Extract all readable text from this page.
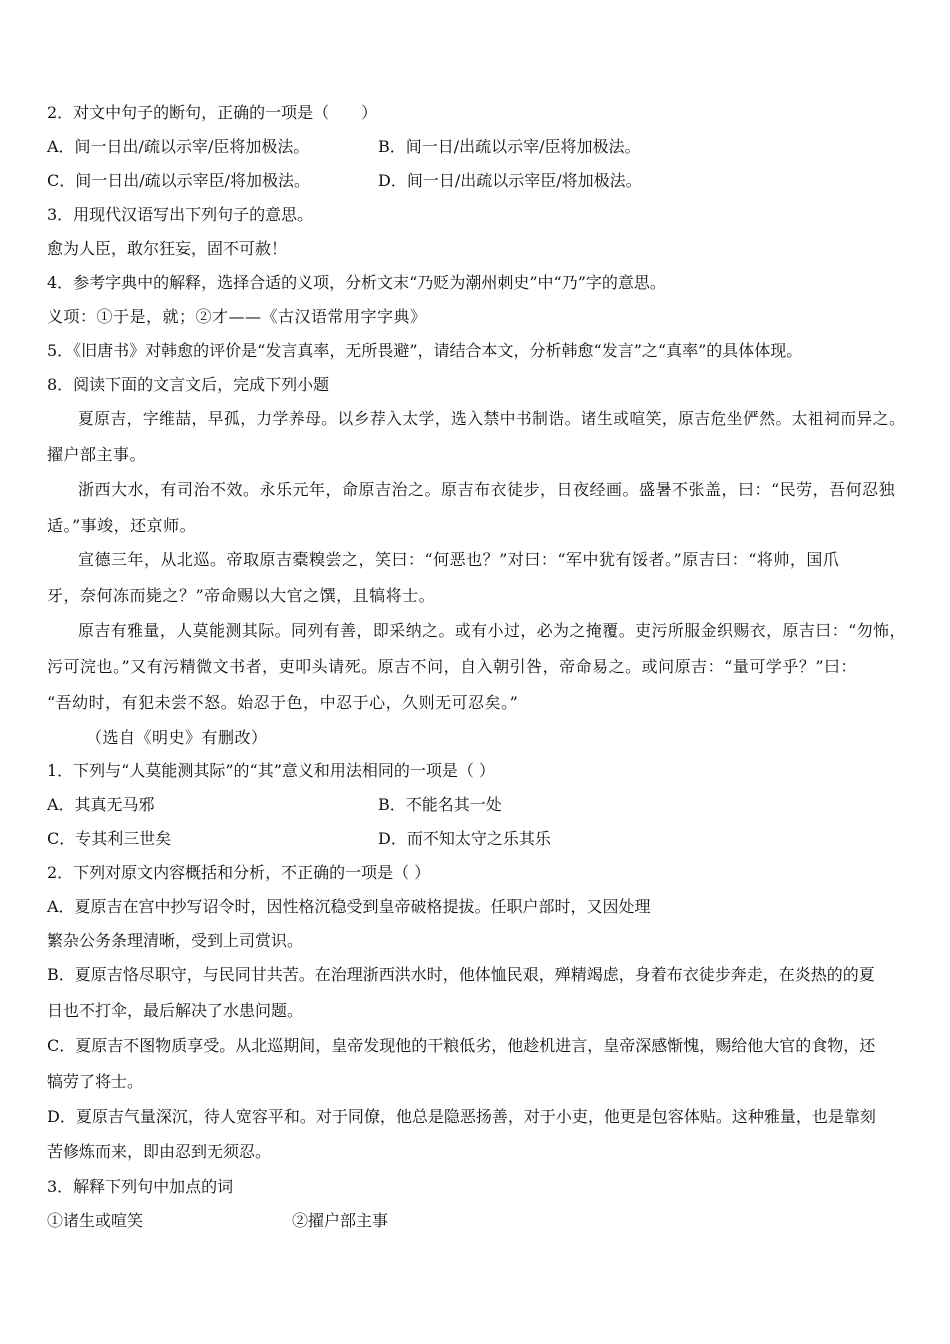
2．对文中句子的断句，正确的一项是（　　）
A．间一日出/疏以示宰/臣将加极法。	B．间一日/出疏以示宰/臣将加极法。
C．间一日出/疏以示宰臣/将加极法。	D．间一日/出疏以示宰臣/将加极法。
3．用现代汉语写出下列句子的意思。
愈为人臣，敢尔狂妄，固不可赦！
4．参考字典中的解释，选择合适的义项，分析文末“乃贬为潮州刺史”中“乃”字的意思。
义项：①于是，就；②才——《古汉语常用字字典》
5．《旧唐书》对韩愈的评价是“发言真率，无所畏避”，请结合本文，分析韩愈“发言”之“真率”的具体体现。
8．阅读下面的文言文后，完成下列小题
夏原吉，字维喆，早孤，力学养母。以乡荐入太学，选入禁中书制诰。诸生或喧笑，原吉危坐俨然。太祖祠而异之。
擢户部主事。
浙西大水，有司治不效。永乐元年，命原吉治之。原吉布衣徒步，日夜经画。盛暑不张盖，曰：“民劳，吾何忍独
适。”事竣，还京师。
宣德三年，从北巡。帝取原吉橐糗尝之，笑曰：“何恶也？”对曰：“军中犹有馁者。”原吉曰：“将帅，国爪
牙，奈何冻而毙之？”帝命赐以大官之馔，且犒将士。
原吉有雅量，人莫能测其际。同列有善，即采纳之。或有小过，必为之掩覆。吏污所服金织赐衣，原吉曰：“勿怖，
污可浣也。”又有污精微文书者，吏叩头请死。原吉不问，自入朝引咎，帝命易之。或问原吉：“量可学乎？”曰：
“吾幼时，有犯未尝不怒。始忍于色，中忍于心，久则无可忍矣。”
（选自《明史》有删改）
1．下列与“人莫能测其际”的“其”意义和用法相同的一项是（ ）
A．其真无马邪	B．不能名其一处
C．专其利三世矣	D．而不知太守之乐其乐
2．下列对原文内容概括和分析，不正确的一项是（ ）
A．夏原吉在宫中抄写诏令时，因性格沉稳受到皇帝破格提拔。任职户部时，又因处理
繁杂公务条理清晰，受到上司赏识。
B．夏原吉恪尽职守，与民同甘共苦。在治理浙西洪水时，他体恤民艰，殚精竭虑，身着布衣徒步奔走，在炎热的的夏
日也不打伞，最后解决了水患问题。
C．夏原吉不图物质享受。从北巡期间，皇帝发现他的干粮低劣，他趁机进言，皇帝深感惭愧，赐给他大官的食物，还
犒劳了将士。
D．夏原吉气量深沉，待人宽容平和。对于同僚，他总是隐恶扬善，对于小吏，他更是包容体贴。这种雅量，也是靠刻
苦修炼而来，即由忍到无须忍。
3．解释下列句中加点的词
①诸生或喧笑	②擢户部主事
